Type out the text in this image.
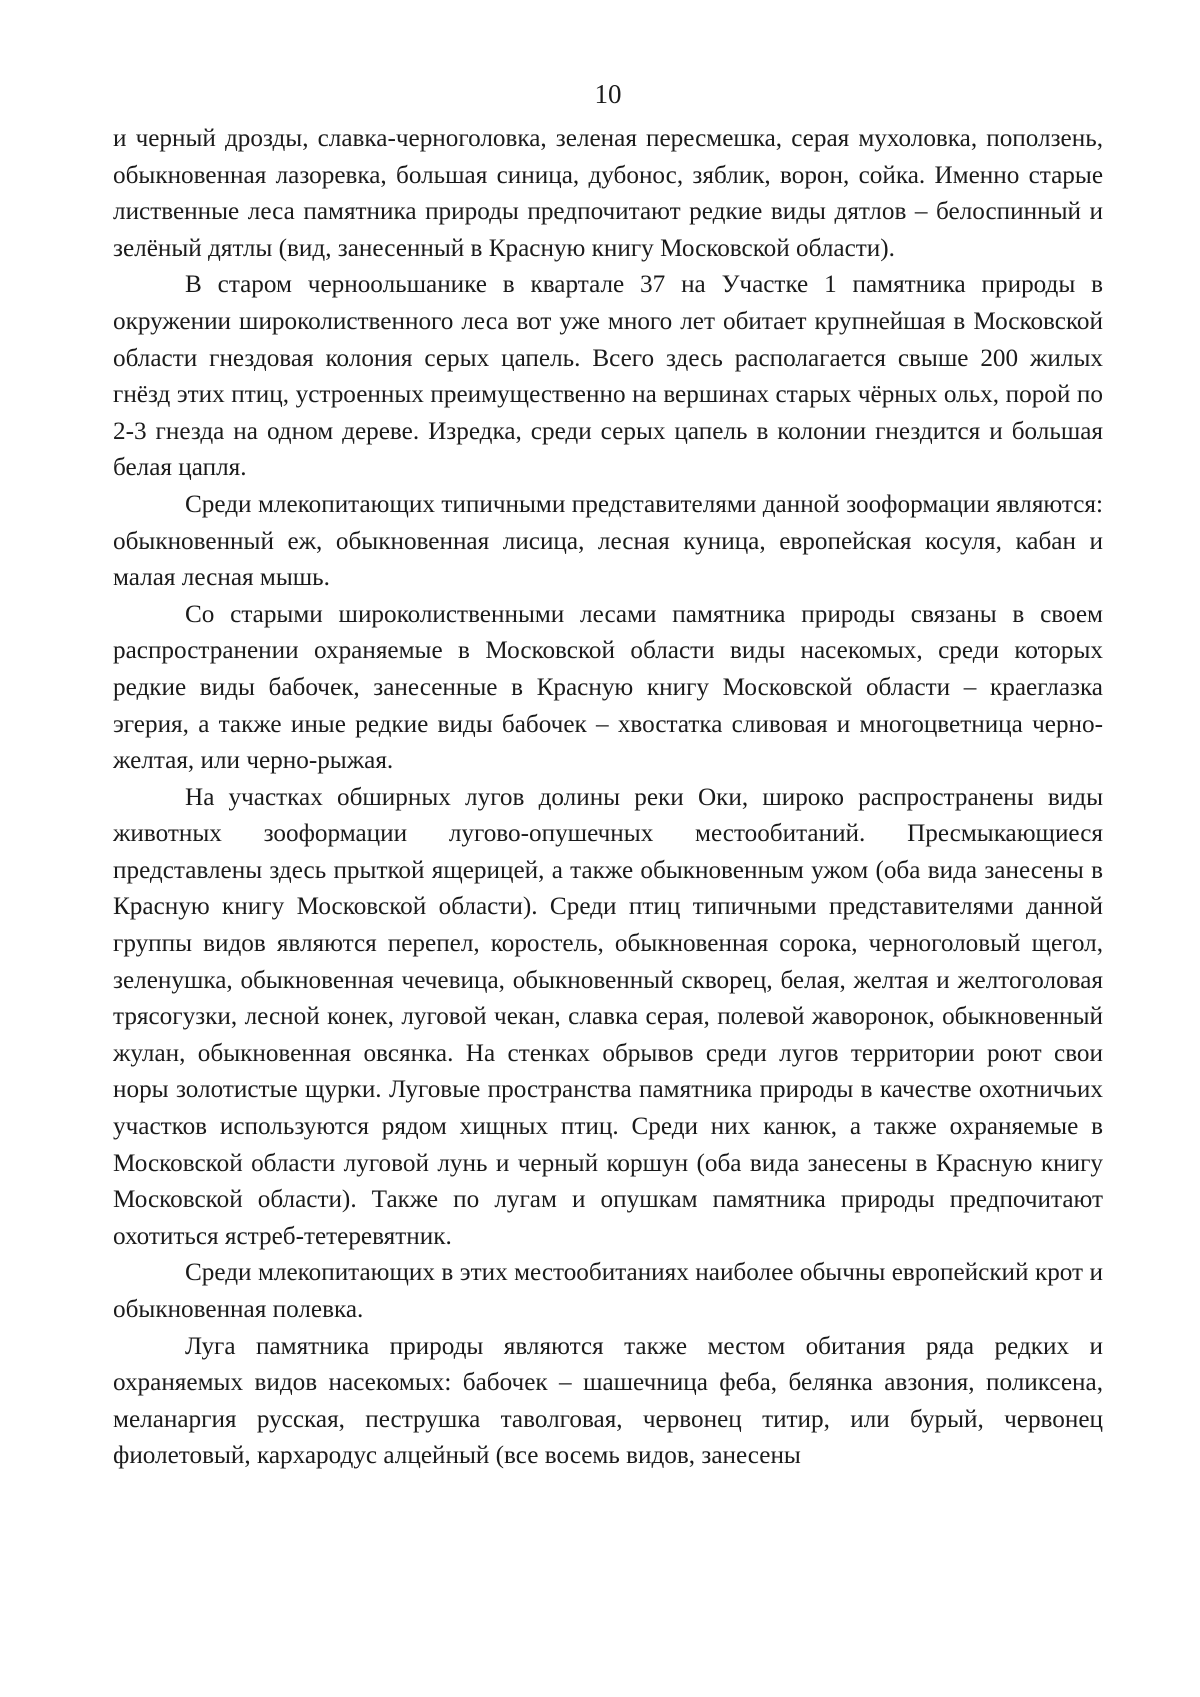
10

и черный дрозды, славка-черноголовка, зеленая пересмешка, серая мухоловка, поползень, обыкновенная лазоревка, большая синица, дубонос, зяблик, ворон, сойка. Именно старые лиственные леса памятника природы предпочитают редкие виды дятлов – белоспинный и зелёный дятлы (вид, занесенный в Красную книгу Московской области).

В старом черноольшанике в квартале 37 на Участке 1 памятника природы в окружении широколиственного леса вот уже много лет обитает крупнейшая в Московской области гнездовая колония серых цапель. Всего здесь располагается свыше 200 жилых гнёзд этих птиц, устроенных преимущественно на вершинах старых чёрных ольх, порой по 2-3 гнезда на одном дереве. Изредка, среди серых цапель в колонии гнездится и большая белая цапля.

Среди млекопитающих типичными представителями данной зооформации являются: обыкновенный еж, обыкновенная лисица, лесная куница, европейская косуля, кабан и малая лесная мышь.

Со старыми широколиственными лесами памятника природы связаны в своем распространении охраняемые в Московской области виды насекомых, среди которых редкие виды бабочек, занесенные в Красную книгу Московской области – краеглазка эгерия, а также иные редкие виды бабочек – хвостатка сливовая и многоцветница черно-желтая, или черно-рыжая.

На участках обширных лугов долины реки Оки, широко распространены виды животных зооформации лугово-опушечных местообитаний. Пресмыкающиеся представлены здесь прыткой ящерицей, а также обыкновенным ужом (оба вида занесены в Красную книгу Московской области). Среди птиц типичными представителями данной группы видов являются перепел, коростель, обыкновенная сорока, черноголовый щегол, зеленушка, обыкновенная чечевица, обыкновенный скворец, белая, желтая и желтоголовая трясогузки, лесной конек, луговой чекан, славка серая, полевой жаворонок, обыкновенный жулан, обыкновенная овсянка. На стенках обрывов среди лугов территории роют свои норы золотистые щурки. Луговые пространства памятника природы в качестве охотничьих участков используются рядом хищных птиц. Среди них канюк, а также охраняемые в Московской области луговой лунь и черный коршун (оба вида занесены в Красную книгу Московской области). Также по лугам и опушкам памятника природы предпочитают охотиться ястреб-тетеревятник.

Среди млекопитающих в этих местообитаниях наиболее обычны европейский крот и обыкновенная полевка.

Луга памятника природы являются также местом обитания ряда редких и охраняемых видов насекомых: бабочек – шашечница феба, белянка авзония, поликсена, меланаргия русская, пеструшка таволговая, червонец титир, или бурый, червонец фиолетовый, кархародус алцейный (все восемь видов, занесены
